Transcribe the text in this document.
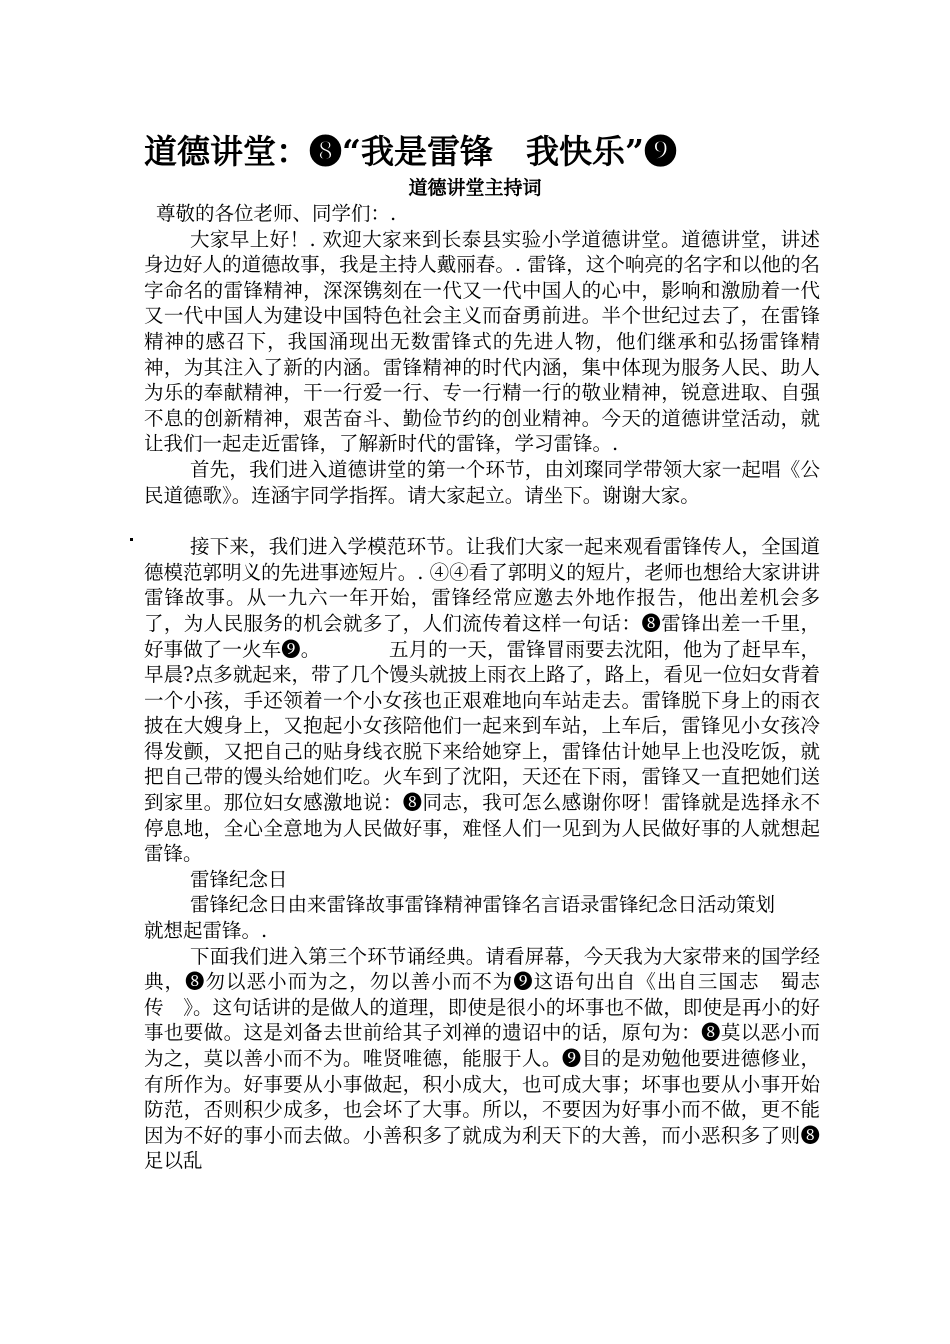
道德讲堂：❽“我是雷锋　我快乐”❾
道德讲堂主持词

尊敬的各位老师、同学们：.

大家早上好！. 欢迎大家来到长泰县实验小学道德讲堂。道德讲堂，讲述身边好人的道德故事，我是主持人戴丽春。. 雷锋，这个响亮的名字和以他的名字命名的雷锋精神，深深镌刻在一代又一代中国人的心中，影响和激励着一代又一代中国人为建设中国特色社会主义而奋勇前进。半个世纪过去了，在雷锋精神的感召下，我国涌现出无数雷锋式的先进人物，他们继承和弘扬雷锋精神，为其注入了新的内涵。雷锋精神的时代内涵，集中体现为服务人民、助人为乐的奉献精神，干一行爱一行、专一行精一行的敬业精神，锐意进取、自强不息的创新精神，艰苦奋斗、勤俭节约的创业精神。今天的道德讲堂活动，就让我们一起走近雷锋，了解新时代的雷锋，学习雷锋。.

首先，我们进入道德讲堂的第一个环节，由刘璨同学带领大家一起唱《公民道德歌》。连涵宇同学指挥。请大家起立。请坐下。谢谢大家。

接下来，我们进入学模范环节。让我们大家一起来观看雷锋传人，全国道德模范郭明义的先进事迹短片。. ④④看了郭明义的短片，老师也想给大家讲讲雷锋故事。从一九六一年开始，雷锋经常应邀去外地作报告，他出差机会多了，为人民服务的机会就多了，人们流传着这样一句话：❽雷锋出差一千里，好事做了一火车❾。　　　　五月的一天，雷锋冒雨要去沈阳，他为了赶早车，早晨?点多就起来，带了几个馒头就披上雨衣上路了，路上，看见一位妇女背着一个小孩，手还领着一个小女孩也正艰难地向车站走去。雷锋脱下身上的雨衣披在大嫂身上，又抱起小女孩陪他们一起来到车站，上车后，雷锋见小女孩冷得发颤，又把自己的贴身线衣脱下来给她穿上，雷锋估计她早上也没吃饭，就把自己带的馒头给她们吃。火车到了沈阳，天还在下雨，雷锋又一直把她们送到家里。那位妇女感激地说：❽同志，我可怎么感谢你呀！雷锋就是选择永不停息地，全心全意地为人民做好事，难怪人们一见到为人民做好事的人就想起雷锋。

雷锋纪念日

雷锋纪念日由来雷锋故事雷锋精神雷锋名言语录雷锋纪念日活动策划

就想起雷锋。.

下面我们进入第三个环节诵经典。请看屏幕，今天我为大家带来的国学经典，❽勿以恶小而为之，勿以善小而不为❾这语句出自《出自三国志　蜀志传　》。这句话讲的是做人的道理，即使是很小的坏事也不做，即使是再小的好事也要做。这是刘备去世前给其子刘禅的遗诏中的话，原句为：❽莫以恶小而为之，莫以善小而不为。唯贤唯德，能服于人。❾目的是劝勉他要进德修业，有所作为。好事要从小事做起，积小成大，也可成大事；坏事也要从小事开始防范，否则积少成多，也会坏了大事。所以，不要因为好事小而不做，更不能因为不好的事小而去做。小善积多了就成为利天下的大善，而小恶积多了则❽足以乱
